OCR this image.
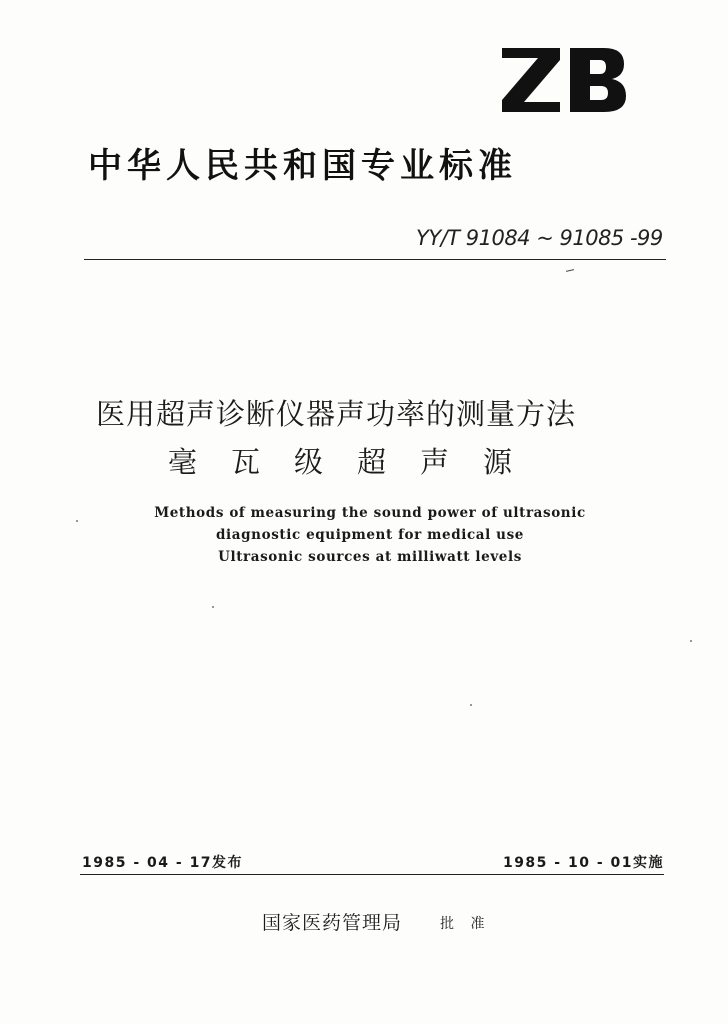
中华人民共和国专业标准
YY/T 91084 ~ 91085 -99
医用超声诊断仪器声功率的测量方法
毫瓦级超声源
Methods of measuring the sound power of ultrasonic
diagnostic equipment for medical use
Ultrasonic sources at milliwatt levels
1985 - 04 - 17发布	1985 - 10 - 01实施
国家医药管理局	批 准
